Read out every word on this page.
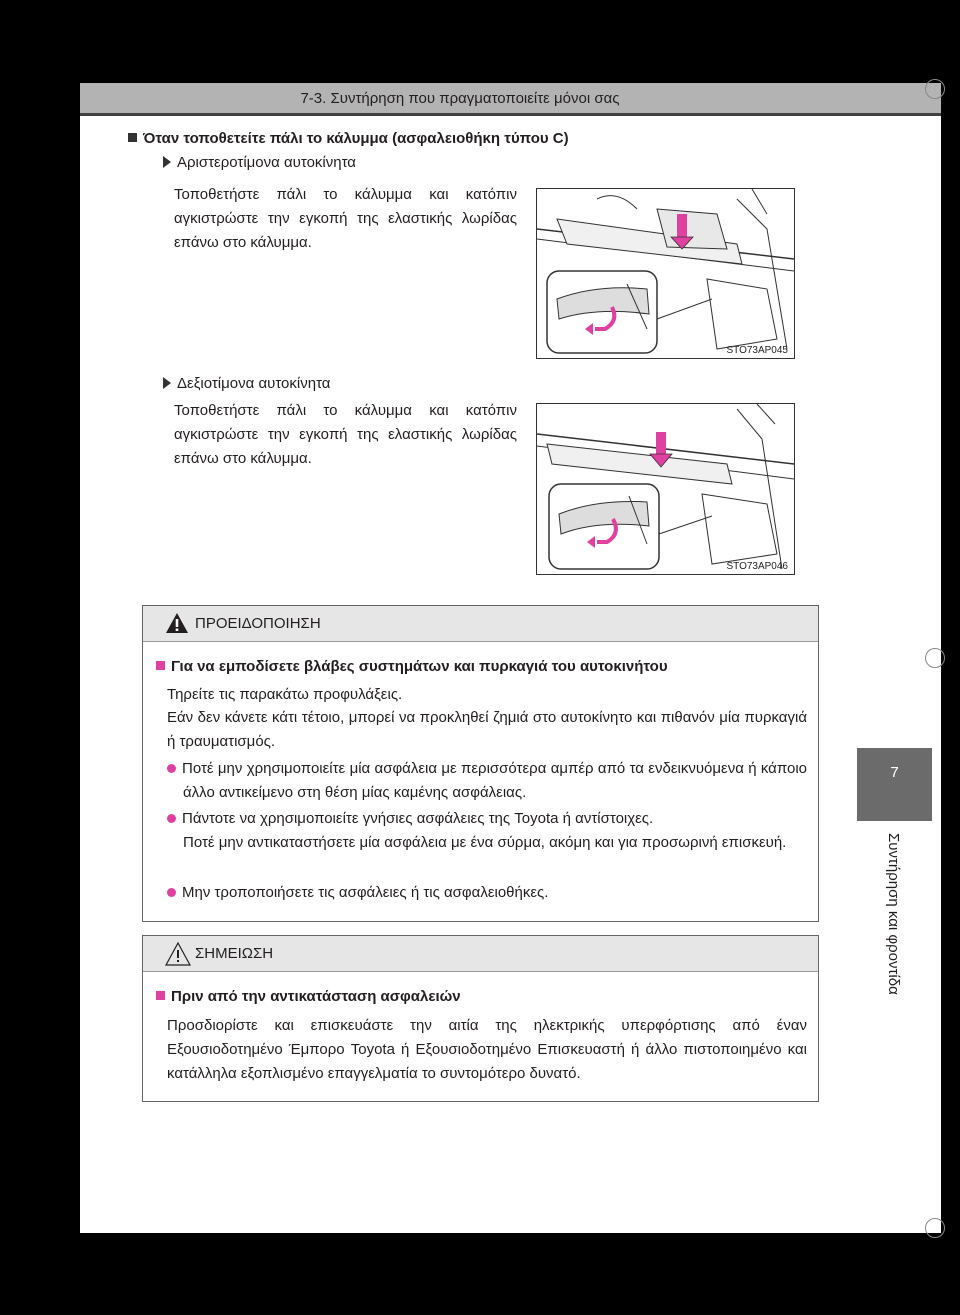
7-3. Συντήρηση που πραγματοποιείτε μόνοι σας
7
Συντήρηση και φροντίδα
Όταν τοποθετείτε πάλι το κάλυμμα (ασφαλειοθήκη τύπου C)
Αριστεροτίμονα αυτοκίνητα
Τοποθετήστε πάλι το κάλυμμα και κατόπιν αγκιστρώστε την εγκοπή της ελαστικής λωρίδας επάνω στο κάλυμμα.
STO73AP045
Δεξιοτίμονα αυτοκίνητα
Τοποθετήστε πάλι το κάλυμμα και κατόπιν αγκιστρώστε την εγκοπή της ελαστικής λωρίδας επάνω στο κάλυμμα.
STO73AP046
ΠΡΟΕΙΔΟΠΟΙΗΣΗ
Για να εμποδίσετε βλάβες συστημάτων και πυρκαγιά του αυτοκινήτου
Τηρείτε τις παρακάτω προφυλάξεις.
Εάν δεν κάνετε κάτι τέτοιο, μπορεί να προκληθεί ζημιά στο αυτοκίνητο και πιθανόν μία πυρκαγιά ή τραυματισμός.
Ποτέ μην χρησιμοποιείτε μία ασφάλεια με περισσότερα αμπέρ από τα ενδεικνυόμενα ή κάποιο άλλο αντικείμενο στη θέση μίας καμένης ασφάλειας.
Πάντοτε να χρησιμοποιείτε γνήσιες ασφάλειες της Toyota ή αντίστοιχες.
Ποτέ μην αντικαταστήσετε μία ασφάλεια με ένα σύρμα, ακόμη και για προσωρινή επισκευή.
Μην τροποποιήσετε τις ασφάλειες ή τις ασφαλειοθήκες.
ΣΗΜΕΙΩΣΗ
Πριν από την αντικατάσταση ασφαλειών
Προσδιορίστε και επισκευάστε την αιτία της ηλεκτρικής υπερφόρτισης από έναν Εξουσιοδοτημένο Έμπορο Toyota ή Εξουσιοδοτημένο Επισκευαστή ή άλλο πιστοποιημένο και κατάλληλα εξοπλισμένο επαγγελματία το συντομότερο δυνατό.
